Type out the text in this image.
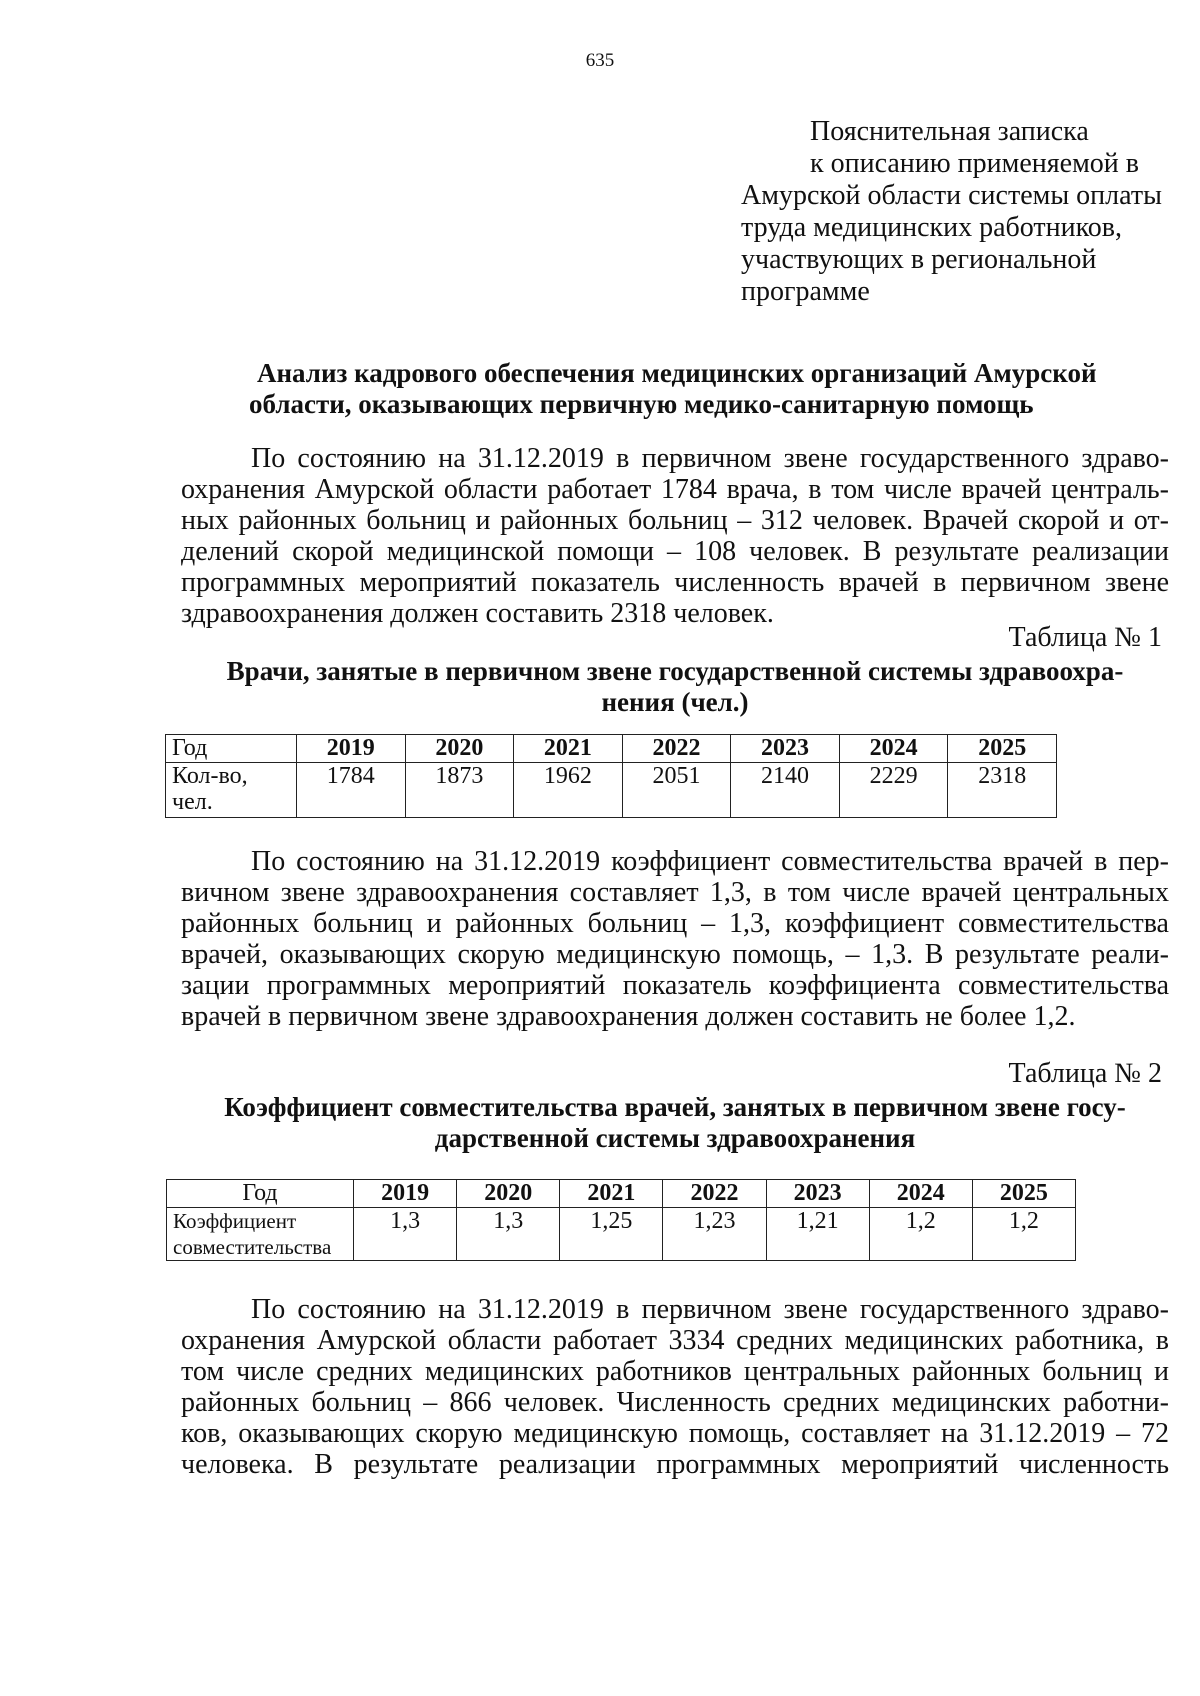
635
Пояснительная записка
к описанию применяемой в
Амурской области системы оплаты
труда медицинских работников,
участвующих в региональной
программе
Анализ кадрового обеспечения медицинских организаций Амурской
области, оказывающих первичную медико-санитарную помощь
По состоянию на 31.12.2019 в первичном звене государственного здраво-
охранения Амурской области работает 1784 врача, в том числе врачей централь-
ных районных больниц и районных больниц – 312 человек. Врачей скорой и от-
делений скорой медицинской помощи – 108 человек. В результате реализации
программных мероприятий показатель численность врачей в первичном звене
здравоохранения должен составить 2318 человек.
Таблица № 1
Врачи, занятые в первичном звене государственной системы здравоохра-
нения (чел.)
Год	2019	2020	2021	2022	2023	2024	2025
Кол-во, чел.	1784	1873	1962	2051	2140	2229	2318
По состоянию на 31.12.2019 коэффициент совместительства врачей в пер-
вичном звене здравоохранения составляет 1,3, в том числе врачей центральных
районных больниц и районных больниц – 1,3, коэффициент совместительства
врачей, оказывающих скорую медицинскую помощь, – 1,3. В результате реали-
зации программных мероприятий показатель коэффициента совместительства
врачей в первичном звене здравоохранения должен составить не более 1,2.
Таблица № 2
Коэффициент совместительства врачей, занятых в первичном звене госу-
дарственной системы здравоохранения
Год	2019	2020	2021	2022	2023	2024	2025
Коэффициент совместительства	1,3	1,3	1,25	1,23	1,21	1,2	1,2
По состоянию на 31.12.2019 в первичном звене государственного здраво-
охранения Амурской области работает 3334 средних медицинских работника, в
том числе средних медицинских работников центральных районных больниц и
районных больниц – 866 человек. Численность средних медицинских работни-
ков, оказывающих скорую медицинскую помощь, составляет на 31.12.2019 – 72
человека. В результате реализации программных мероприятий численность
